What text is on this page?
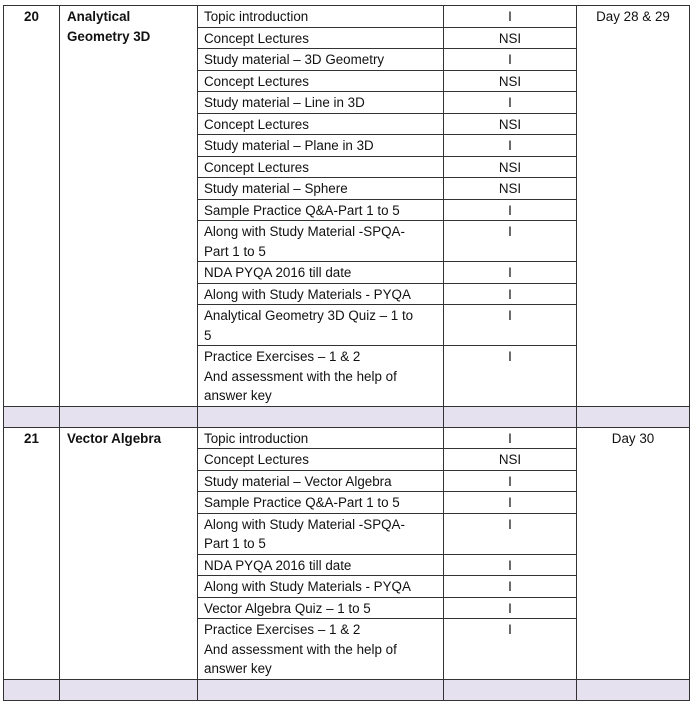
20	Analytical
Geometry 3D	Topic introduction	I	Day 28 & 29

		Concept Lectures	NSI	

		Study material – 3D Geometry	I	

		Concept Lectures	NSI	

		Study material – Line in 3D	I	

		Concept Lectures	NSI	

		Study material – Plane in 3D	I	

		Concept Lectures	NSI	

		Study material – Sphere	NSI	

		Sample Practice Q&A-Part 1 to 5	I	

		Along with Study Material -SPQA-
Part 1 to 5	I	

		NDA PYQA 2016 till date	I	

		Along with Study Materials - PYQA	I	

		Analytical Geometry 3D Quiz – 1 to
5	I	

		Practice Exercises – 1 & 2
And assessment with the help of
answer key	I	

21	Vector Algebra	Topic introduction	I	Day 30

		Concept Lectures	NSI	

		Study material – Vector Algebra	I	

		Sample Practice Q&A-Part 1 to 5	I	

		Along with Study Material -SPQA-
Part 1 to 5	I	

		NDA PYQA 2016 till date	I	

		Along with Study Materials - PYQA	I	

		Vector Algebra Quiz – 1 to 5	I	

		Practice Exercises – 1 & 2
And assessment with the help of
answer key	I	
